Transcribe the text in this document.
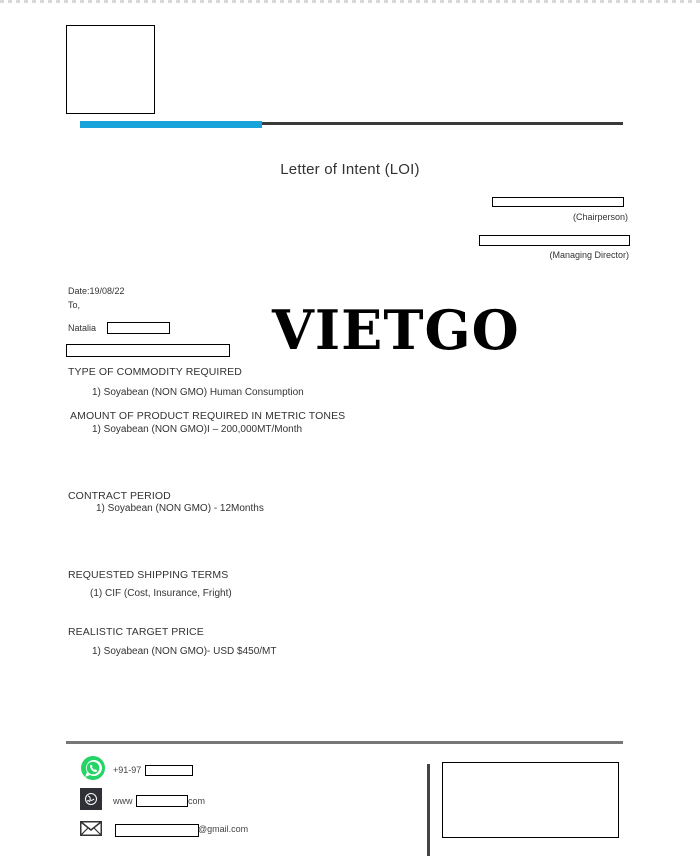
Letter of Intent (LOI)
(Chairperson)
(Managing Director)
Date:19/08/22
To,
Natalia	VIETGO
TYPE OF COMMODITY REQUIRED
1) Soyabean (NON GMO) Human Consumption
AMOUNT OF PRODUCT REQUIRED IN METRIC TONES
1) Soyabean (NON GMO)I – 200,000MT/Month
CONTRACT PERIOD
1) Soyabean (NON GMO) - 12Months
REQUESTED SHIPPING TERMS
(1) CIF (Cost, Insurance, Fright)
REALISTIC TARGET PRICE
1) Soyabean (NON GMO)- USD $450/MT
+91-97
www	com
@gmail.com
